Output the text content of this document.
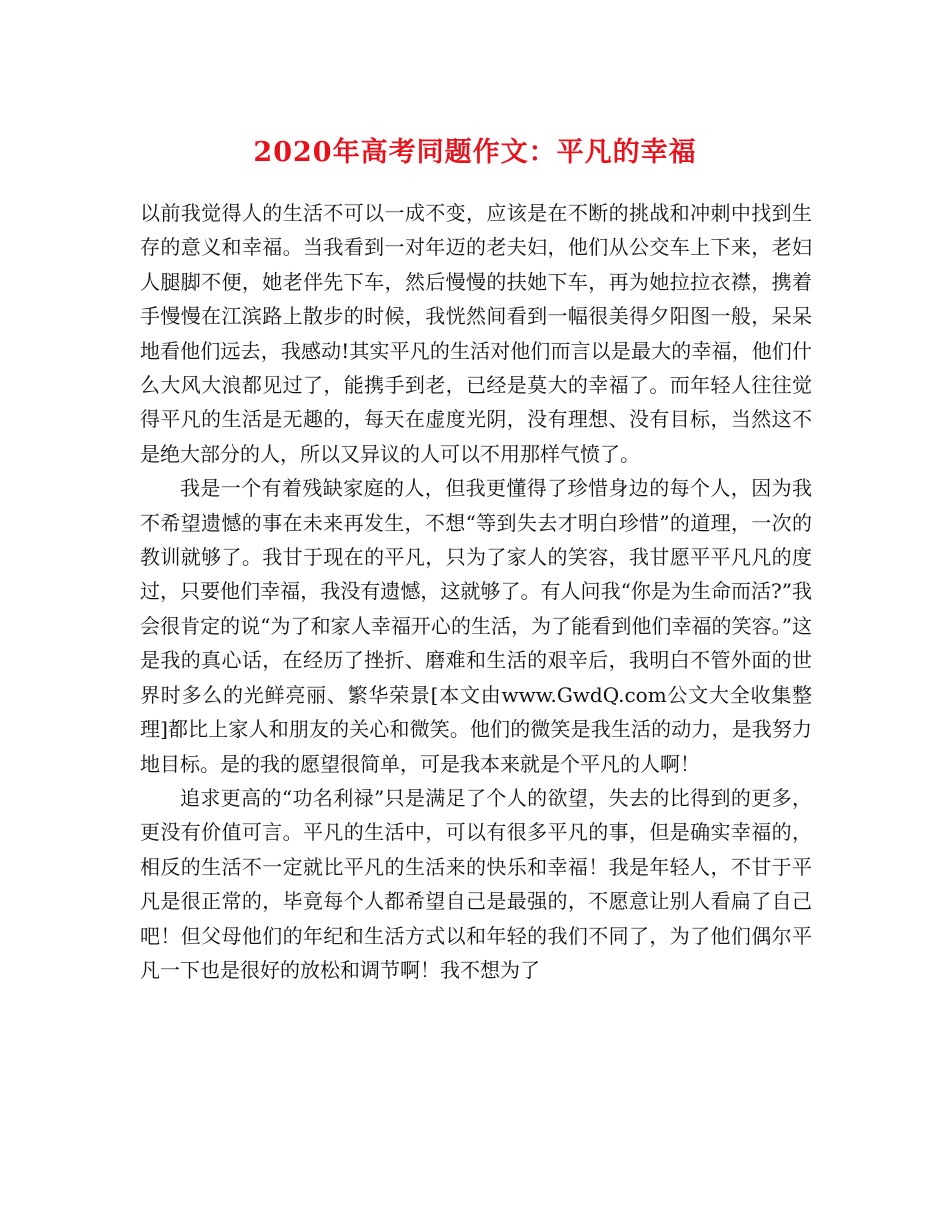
2020年高考同题作文：平凡的幸福

以前我觉得人的生活不可以一成不变，应该是在不断的挑战和冲刺中找到生存的意义和幸福。当我看到一对年迈的老夫妇，他们从公交车上下来，老妇人腿脚不便，她老伴先下车，然后慢慢的扶她下车，再为她拉拉衣襟，携着手慢慢在江滨路上散步的时候，我恍然间看到一幅很美得夕阳图一般，呆呆地看他们远去，我感动!其实平凡的生活对他们而言以是最大的幸福，他们什么大风大浪都见过了，能携手到老，已经是莫大的幸福了。而年轻人往往觉得平凡的生活是无趣的，每天在虚度光阴，没有理想、没有目标，当然这不是绝大部分的人，所以又异议的人可以不用那样气愤了。

我是一个有着残缺家庭的人，但我更懂得了珍惜身边的每个人，因为我不希望遗憾的事在未来再发生，不想“等到失去才明白珍惜”的道理，一次的教训就够了。我甘于现在的平凡，只为了家人的笑容，我甘愿平平凡凡的度过，只要他们幸福，我没有遗憾，这就够了。有人问我“你是为生命而活?”我会很肯定的说“为了和家人幸福开心的生活，为了能看到他们幸福的笑容。”这是我的真心话，在经历了挫折、磨难和生活的艰辛后，我明白不管外面的世界时多么的光鲜亮丽、繁华荣景[本文由www.GwdQ.com公文大全收集整理]都比上家人和朋友的关心和微笑。他们的微笑是我生活的动力，是我努力地目标。是的我的愿望很简单，可是我本来就是个平凡的人啊！

追求更高的“功名利禄”只是满足了个人的欲望，失去的比得到的更多，更没有价值可言。平凡的生活中，可以有很多平凡的事，但是确实幸福的，相反的生活不一定就比平凡的生活来的快乐和幸福！我是年轻人，不甘于平凡是很正常的，毕竟每个人都希望自己是最强的，不愿意让别人看扁了自己吧！但父母他们的年纪和生活方式以和年轻的我们不同了，为了他们偶尔平凡一下也是很好的放松和调节啊！我不想为了
